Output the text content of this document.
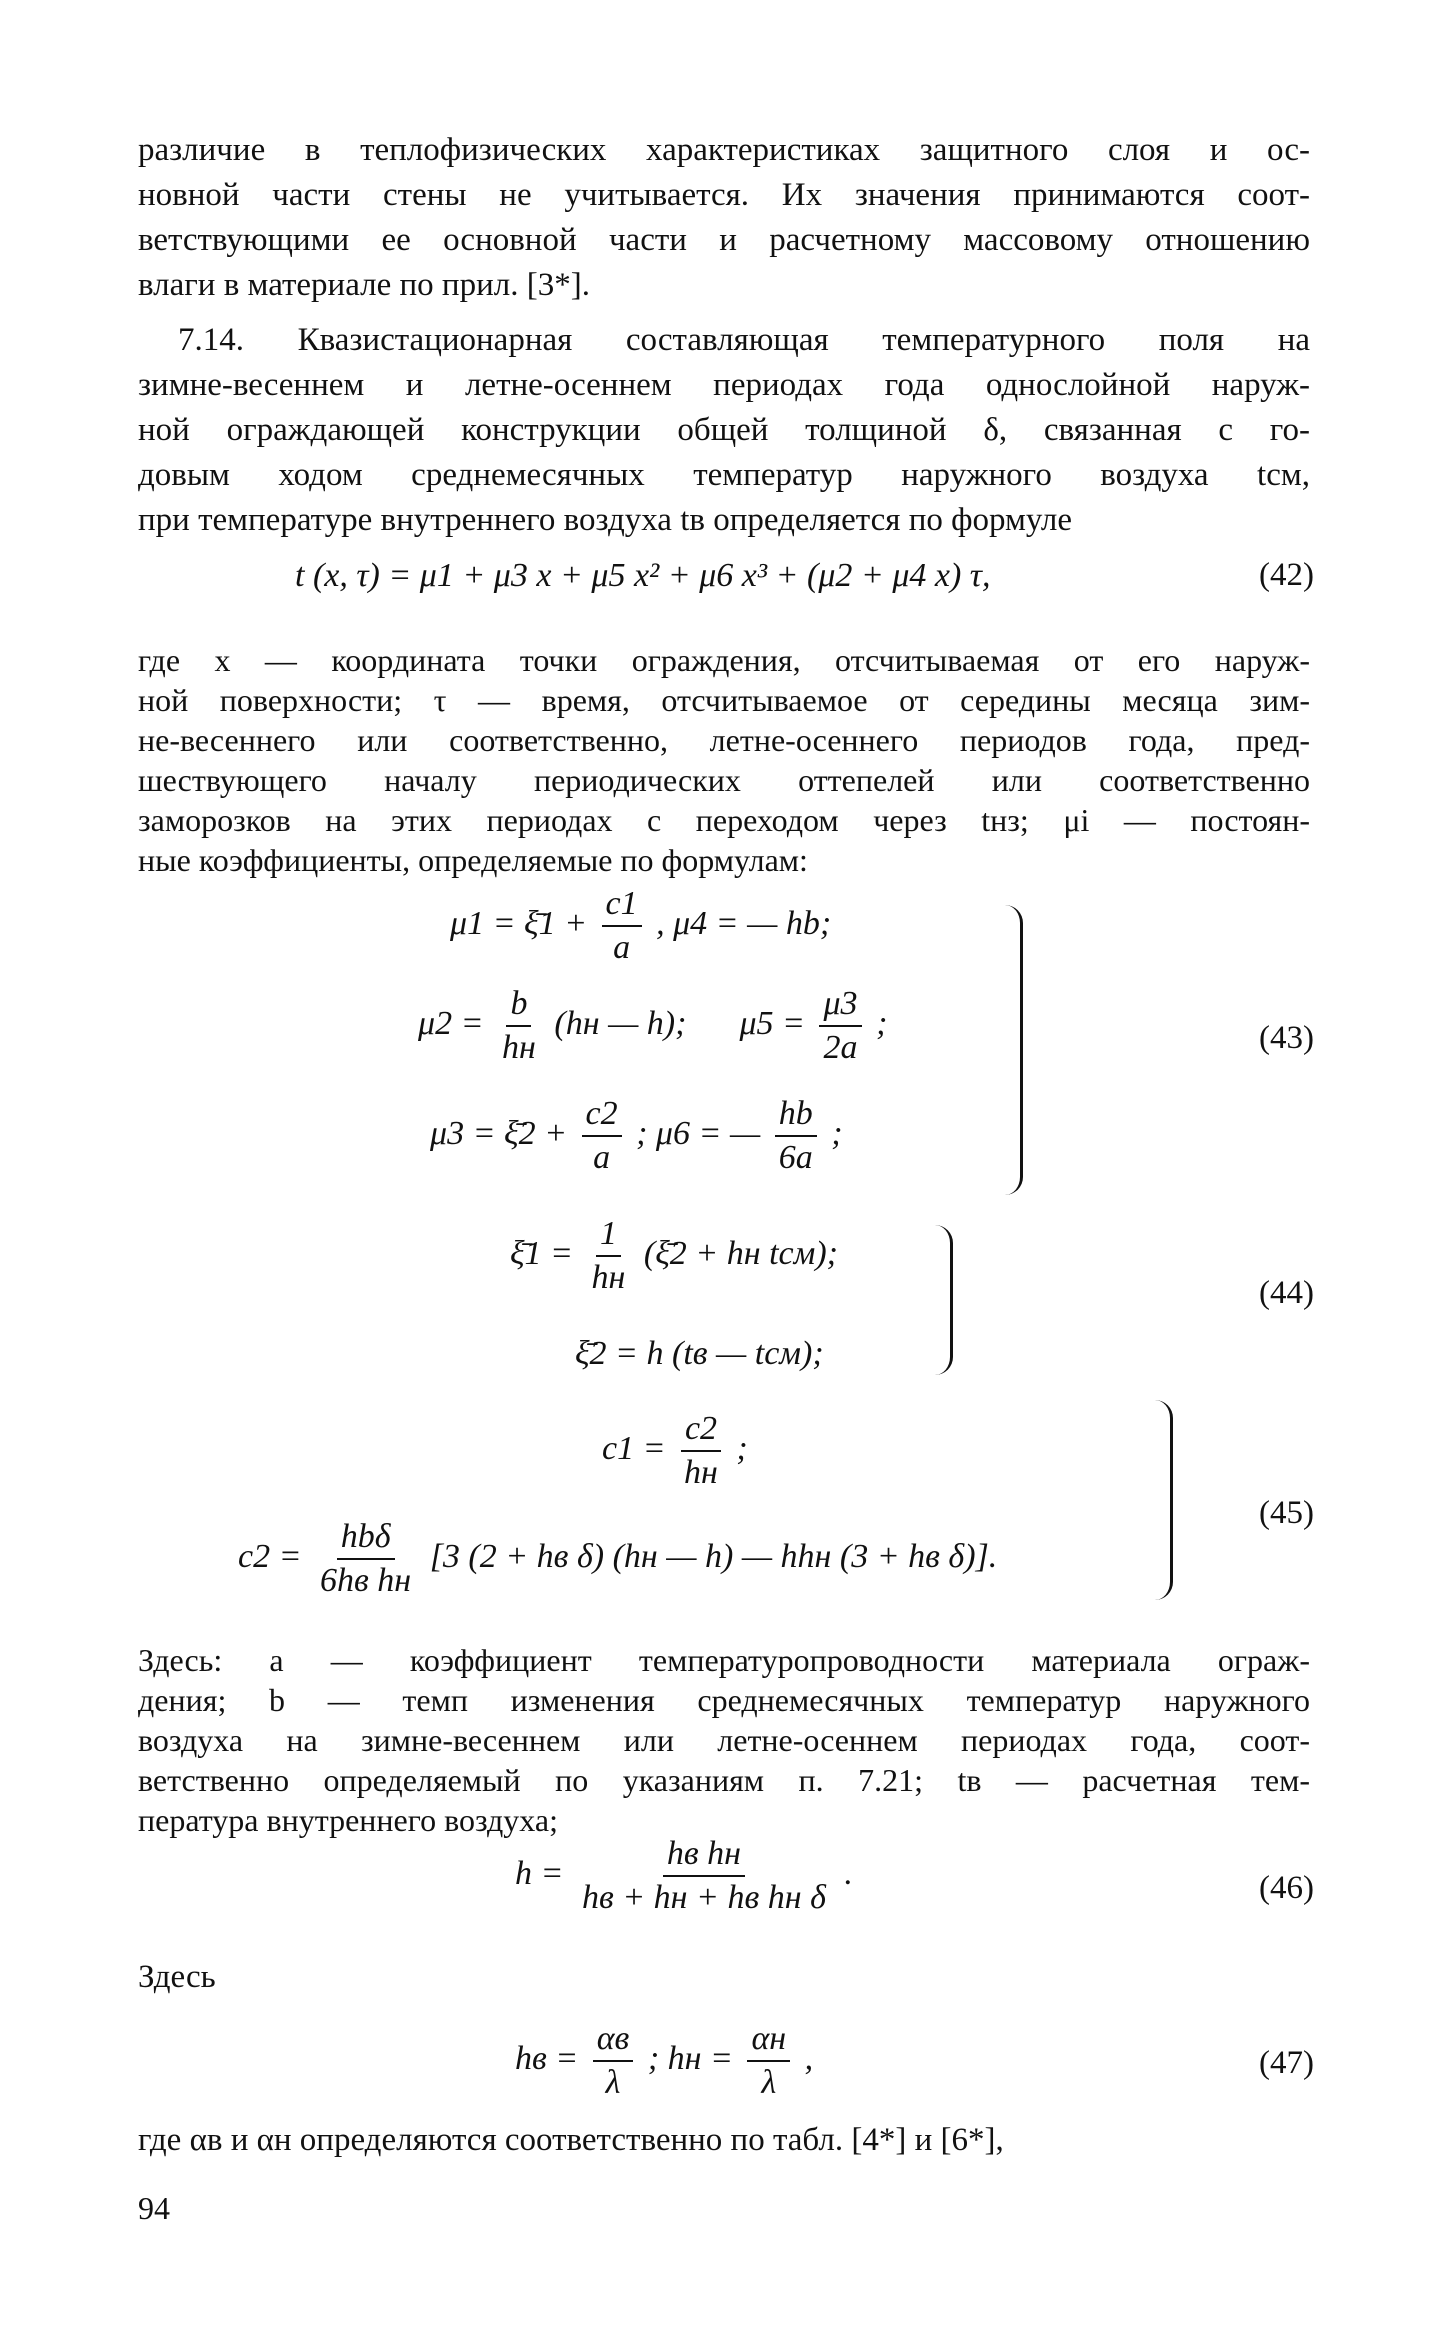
различие в теплофизических характеристиках защитного слоя и ос-
новной части стены не учитывается. Их значения принимаются соот-
ветствующими ее основной части и расчетному массовому отношению
влаги в материале по прил. [3*].
7.14. Квазистационарная составляющая температурного поля на
зимне-весеннем и летне-осеннем периодах года однослойной наруж-
ной ограждающей конструкции общей толщиной δ, связанная с го-
довым ходом среднемесячных температур наружного воздуха tсм,
при температуре внутреннего воздуха tв определяется по формуле
t (x, τ) = μ1 + μ3 x + μ5 x² + μ6 x³ + (μ2 + μ4 x) τ,	(42)
где x — координата точки ограждения, отсчитываемая от его наруж-
ной поверхности; τ — время, отсчитываемое от середины месяца зим-
не-весеннего или соответственно, летне-осеннего периодов года, пред-
шествующего началу периодических оттепелей или соответственно
заморозков на этих периодах с переходом через tнз; μi — постоян-
ные коэффициенты, определяемые по формулам:
μ1 = ξ̄1 + $\frac{c1}{a}$ , μ4 = — hb;
$\mu 2 = \frac{b}{hн} (hн$ — h); $\mu 5 = \frac{\mu 3}{2a}$ ;
μ3 = ξ̄2 + $\frac{c2}{a}$ ; μ6 = — $\frac{hb}{6a}$ ;
(43)
ξ̄1 = $\frac{1}{hн}$ (ξ̄2 + hн tсм);
ξ̄2 = h (tв — tсм);
(44)
$c1 = \frac{c2}{hн}$ ;
$c2 = \frac{\text{hbδ}}{\text{6hв hн}} [3$ (2 + hв δ) (hн — h) — hhн (3 + hв δ)].
(45)
Здесь: a — коэффициент температуропроводности материала ограж-
дения; b — темп изменения среднемесячных температур наружного
воздуха на зимне-весеннем или летне-осеннем периодах года, соот-
ветственно определяемый по указаниям п. 7.21; tв — расчетная тем-
пература внутреннего воздуха;
$h = \frac{\text{hв hн}}{\text{hв + hн + hв hн δ}}$ .	(46)
Здесь
hв = $\frac{\alpha в}{\lambda}$ ; hн = $\frac{\alpha н}{\lambda}$ ,	(47)
где αв и αн определяются соответственно по табл. [4*] и [6*],
94
